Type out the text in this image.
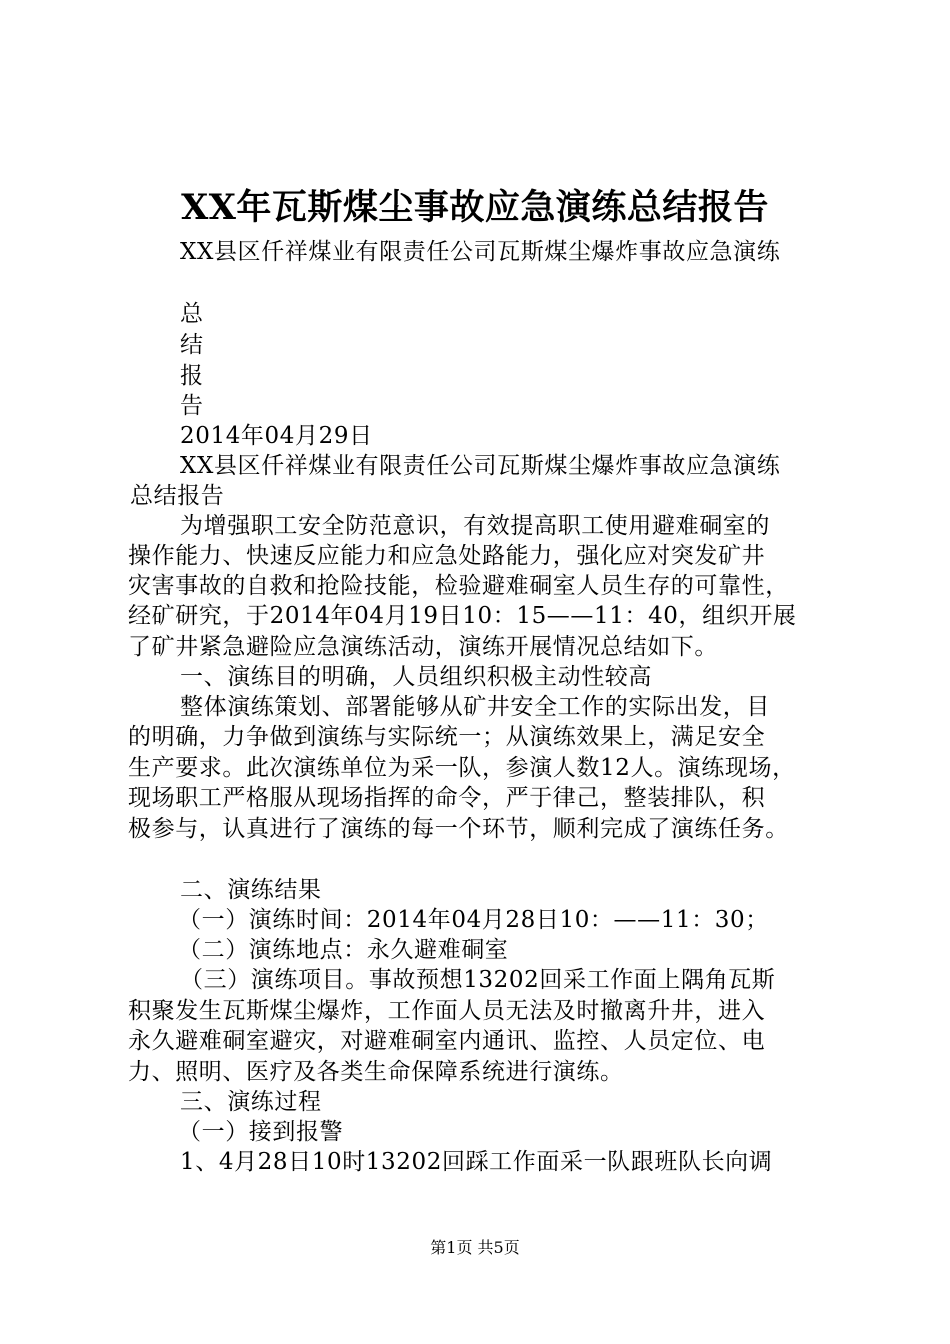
XX年瓦斯煤尘事故应急演练总结报告
XX县区仟祥煤业有限责任公司瓦斯煤尘爆炸事故应急演练
总
结
报
告
2014年04月29日
XX县区仟祥煤业有限责任公司瓦斯煤尘爆炸事故应急演练
总结报告
为增强职工安全防范意识，有效提高职工使用避难硐室的
操作能力、快速反应能力和应急处路能力，强化应对突发矿井
灾害事故的自救和抢险技能，检验避难硐室人员生存的可靠性，
经矿研究，于2014年04月19日10：15——11：40，组织开展
了矿井紧急避险应急演练活动，演练开展情况总结如下。
一、演练目的明确，人员组织积极主动性较高
整体演练策划、部署能够从矿井安全工作的实际出发，目
的明确，力争做到演练与实际统一；从演练效果上，满足安全
生产要求。此次演练单位为采一队，参演人数12人。演练现场，
现场职工严格服从现场指挥的命令，严于律己，整装排队，积
极参与，认真进行了演练的每一个环节，顺利完成了演练任务。
二、演练结果
（一）演练时间：2014年04月28日10：——11：30；
（二）演练地点：永久避难硐室
（三）演练项目。事故预想13202回采工作面上隅角瓦斯
积聚发生瓦斯煤尘爆炸，工作面人员无法及时撤离升井，进入
永久避难硐室避灾，对避难硐室内通讯、监控、人员定位、电
力、照明、医疗及各类生命保障系统进行演练。
三、演练过程
（一）接到报警
1、4月28日10时13202回踩工作面采一队跟班队长向调
第1页 共5页
